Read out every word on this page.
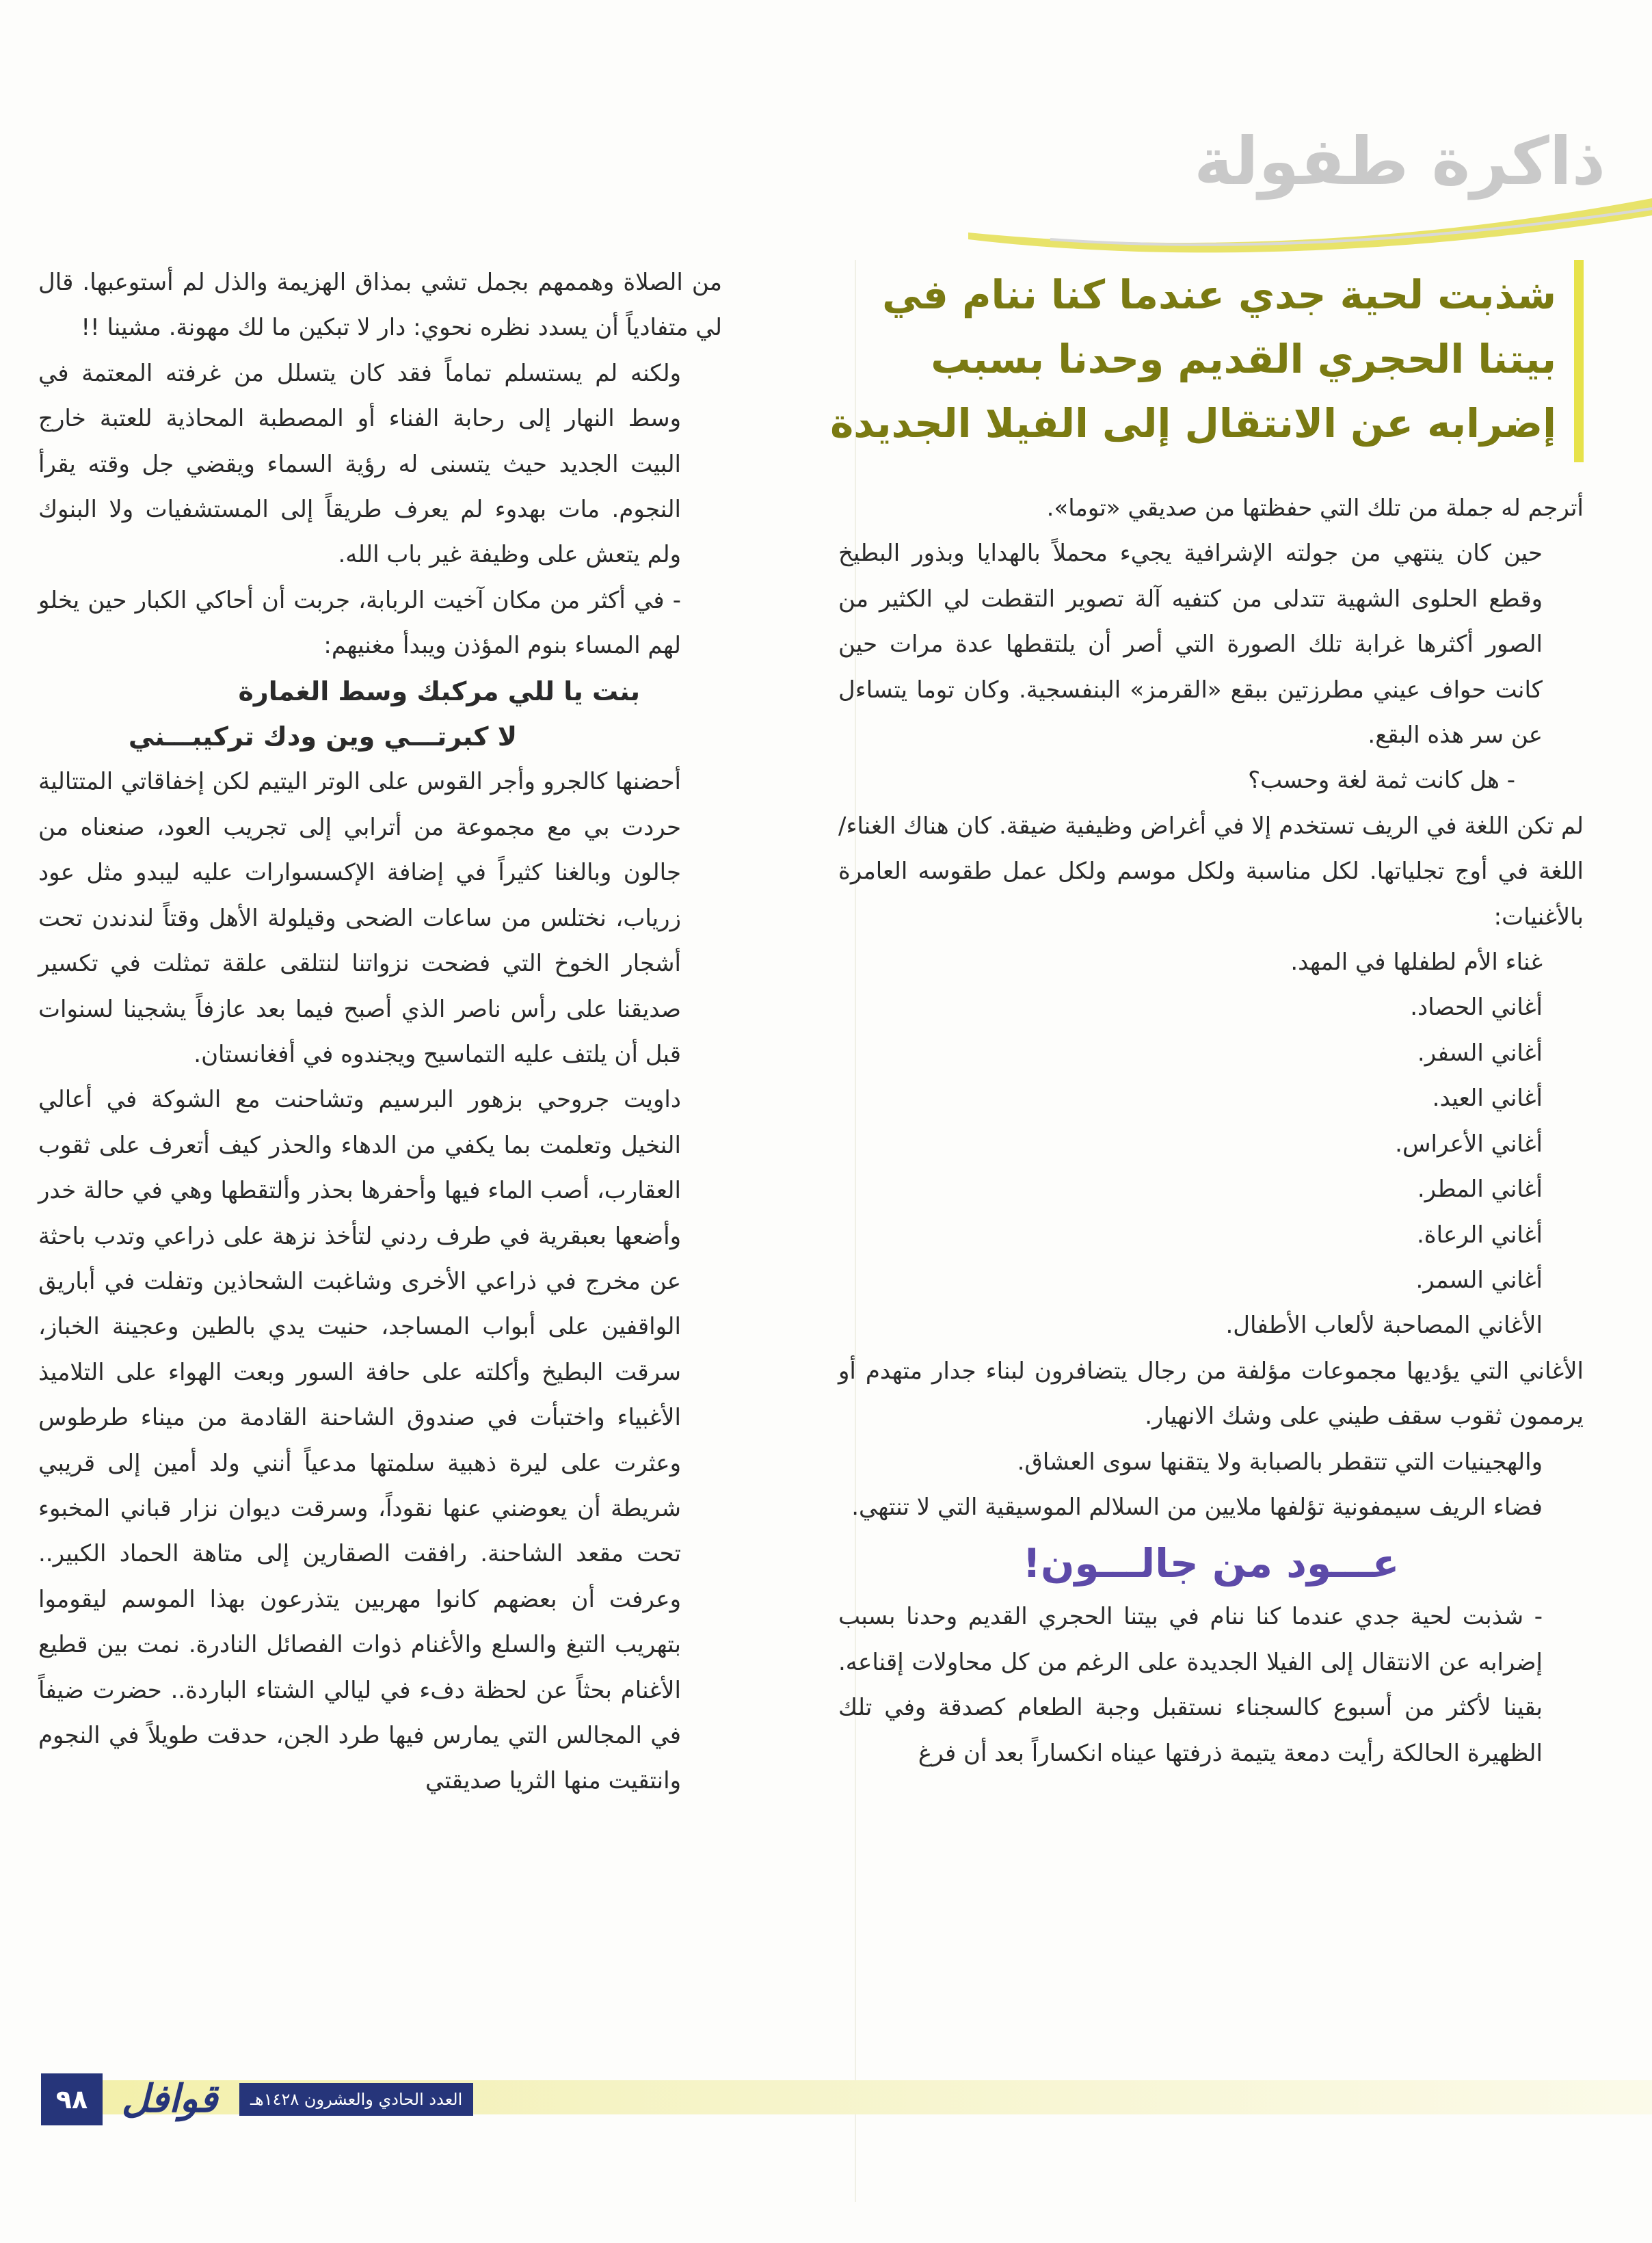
ذاكرة طفولة
شذبت لحية جدي عندما كنا ننام في
بيتنا الحجري القديم وحدنا بسبب
إضرابه عن الانتقال إلى الفيلا الجديدة

أترجم له جملة من تلك التي حفظتها من صديقي «توما».

حين كان ينتهي من جولته الإشرافية يجيء محملاً بالهدايا وبذور البطيخ وقطع الحلوى الشهية تتدلى من كتفيه آلة تصوير التقطت لي الكثير من الصور أكثرها غرابة تلك الصورة التي أصر أن يلتقطها عدة مرات حين كانت حواف عيني مطرزتين ببقع «القرمز» البنفسجية. وكان توما يتساءل عن سر هذه البقع.

- هل كانت ثمة لغة وحسب؟

لم تكن اللغة في الريف تستخدم إلا في أغراض وظيفية ضيقة. كان هناك الغناء/ اللغة في أوج تجلياتها. لكل مناسبة ولكل موسم ولكل عمل طقوسه العامرة بالأغنيات:

غناء الأم لطفلها في المهد.
أغاني الحصاد.
أغاني السفر.
أغاني العيد.
أغاني الأعراس.
أغاني المطر.
أغاني الرعاة.
أغاني السمر.
الأغاني المصاحبة لألعاب الأطفال.

الأغاني التي يؤديها مجموعات مؤلفة من رجال يتضافرون لبناء جدار متهدم أو يرممون ثقوب سقف طيني على وشك الانهيار.

والهجينيات التي تتقطر بالصبابة ولا يتقنها سوى العشاق.

فضاء الريف سيمفونية تؤلفها ملايين من السلالم الموسيقية التي لا تنتهي.

عـــود من جالـــون!

- شذبت لحية جدي عندما كنا ننام في بيتنا الحجري القديم وحدنا بسبب إضرابه عن الانتقال إلى الفيلا الجديدة على الرغم من كل محاولات إقناعه. بقينا لأكثر من أسبوع كالسجناء نستقبل وجبة الطعام كصدقة وفي تلك الظهيرة الحالكة رأيت دمعة يتيمة ذرفتها عيناه انكساراً بعد أن فرغ

من الصلاة وهممهم بجمل تشي بمذاق الهزيمة والذل لم أستوعبها. قال لي متفادياً أن يسدد نظره نحوي: دار لا تبكين ما لك مهونة. مشينا !!

ولكنه لم يستسلم تماماً فقد كان يتسلل من غرفته المعتمة في وسط النهار إلى رحابة الفناء أو المصطبة المحاذية للعتبة خارج البيت الجديد حيث يتسنى له رؤية السماء ويقضي جل وقته يقرأ النجوم. مات بهدوء لم يعرف طريقاً إلى المستشفيات ولا البنوك ولم يتعش على وظيفة غير باب الله.

- في أكثر من مكان آخيت الربابة، جربت أن أحاكي الكبار حين يخلو لهم المساء بنوم المؤذن ويبدأ مغنيهم:

بنت يا للي مركبك وسط الغمارة
لا كبرتـــي وين ودك تركيبـــني

أحضنها كالجرو وأجر القوس على الوتر اليتيم لكن إخفاقاتي المتتالية حردت بي مع مجموعة من أترابي إلى تجريب العود، صنعناه من جالون وبالغنا كثيراً في إضافة الإكسسوارات عليه ليبدو مثل عود زرياب، نختلس من ساعات الضحى وقيلولة الأهل وقتاً لندندن تحت أشجار الخوخ التي فضحت نزواتنا لنتلقى علقة تمثلت في تكسير صديقنا على رأس ناصر الذي أصبح فيما بعد عازفاً يشجينا لسنوات قبل أن يلتف عليه التماسيح ويجندوه في أفغانستان.

داويت جروحي بزهور البرسيم وتشاحنت مع الشوكة في أعالي النخيل وتعلمت بما يكفي من الدهاء والحذر كيف أتعرف على ثقوب العقارب، أصب الماء فيها وأحفرها بحذر وألتقطها وهي في حالة خدر وأضعها بعبقرية في طرف ردني لتأخذ نزهة على ذراعي وتدب باحثة عن مخرج في ذراعي الأخرى وشاغبت الشحاذين وتفلت في أباريق الواقفين على أبواب المساجد، حنيت يدي بالطين وعجينة الخباز، سرقت البطيخ وأكلته على حافة السور وبعت الهواء على التلاميذ الأغبياء واختبأت في صندوق الشاحنة القادمة من ميناء طرطوس وعثرت على ليرة ذهبية سلمتها مدعياً أنني ولد أمين إلى قريبي شريطة أن يعوضني عنها نقوداً، وسرقت ديوان نزار قباني المخبوء تحت مقعد الشاحنة. رافقت الصقارين إلى متاهة الحماد الكبير.. وعرفت أن بعضهم كانوا مهربين يتذرعون بهذا الموسم ليقوموا بتهريب التبغ والسلع والأغنام ذوات الفصائل النادرة. نمت بين قطيع الأغنام بحثاً عن لحظة دفء في ليالي الشتاء الباردة.. حضرت ضيفاً في المجالس التي يمارس فيها طرد الجن، حدقت طويلاً في النجوم وانتقيت منها الثريا صديقتي

٩٨ قوافل	العدد الحادي والعشرون ١٤٢٨هـ
